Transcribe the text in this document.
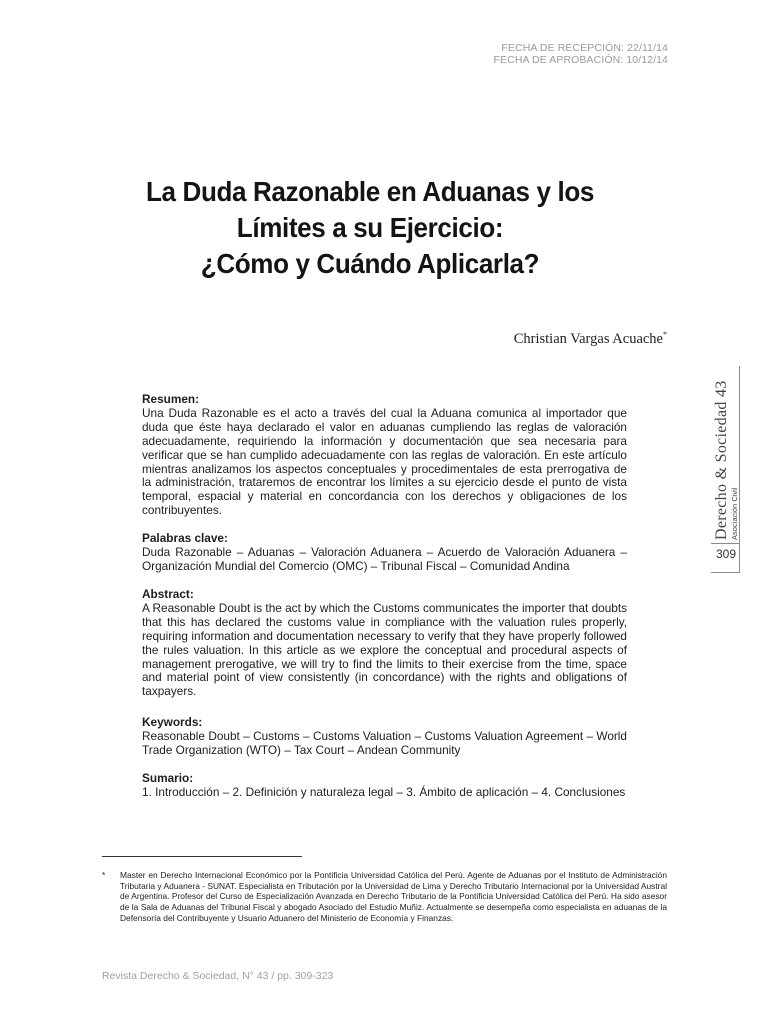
FECHA DE RECEPCIÓN: 22/11/14
FECHA DE APROBACIÓN: 10/12/14
La Duda Razonable en Aduanas y los
Límites a su Ejercicio:
¿Cómo y Cuándo Aplicarla?
Christian Vargas Acuache*
Derecho & Sociedad 43 Asociación Civil
309
Resumen:

Una Duda Razonable es el acto a través del cual la Aduana comunica al importador que duda que éste haya declarado el valor en aduanas cumpliendo las reglas de valoración adecuadamente, requiriendo la información y documentación que sea necesaria para verificar que se han cumplido adecuadamente con las reglas de valoración. En este artículo mientras analizamos los aspectos conceptuales y procedimentales de esta prerrogativa de la administración, trataremos de encontrar los límites a su ejercicio desde el punto de vista temporal, espacial y material en concordancia con los derechos y obligaciones de los contribuyentes.

Palabras clave:

Duda Razonable – Aduanas – Valoración Aduanera – Acuerdo de Valoración Aduanera – Organización Mundial del Comercio (OMC) – Tribunal Fiscal – Comunidad Andina

Abstract:

A Reasonable Doubt is the act by which the Customs communicates the importer that doubts that this has declared the customs value in compliance with the valuation rules properly, requiring information and documentation necessary to verify that they have properly followed the rules valuation. In this article as we explore the conceptual and procedural aspects of management prerogative, we will try to find the limits to their exercise from the time, space and material point of view consistently (in concordance) with the rights and obligations of taxpayers.

Keywords:

Reasonable Doubt – Customs – Customs Valuation – Customs Valuation Agreement – World Trade Organization (WTO) – Tax Court – Andean Community

Sumario:

1. Introducción – 2. Definición y naturaleza legal – 3. Ámbito de aplicación – 4. Conclusiones

* Master en Derecho Internacional Económico por la Pontificia Universidad Católica del Perú. Agente de Aduanas por el Instituto de Administración Tributaria y Aduanera - SUNAT. Especialista en Tributación por la Universidad de Lima y Derecho Tributario Internacional por la Universidad Austral de Argentina. Profesor del Curso de Especialización Avanzada en Derecho Tributario de la Pontificia Universidad Católica del Perú. Ha sido asesor de la Sala de Aduanas del Tribunal Fiscal y abogado Asociado del Estudio Muñiz. Actualmente se desempeña como especialista en aduanas de la Defensoría del Contribuyente y Usuario Aduanero del Ministerio de Economía y Finanzas.
Revista Derecho & Sociedad, N° 43 / pp. 309-323
